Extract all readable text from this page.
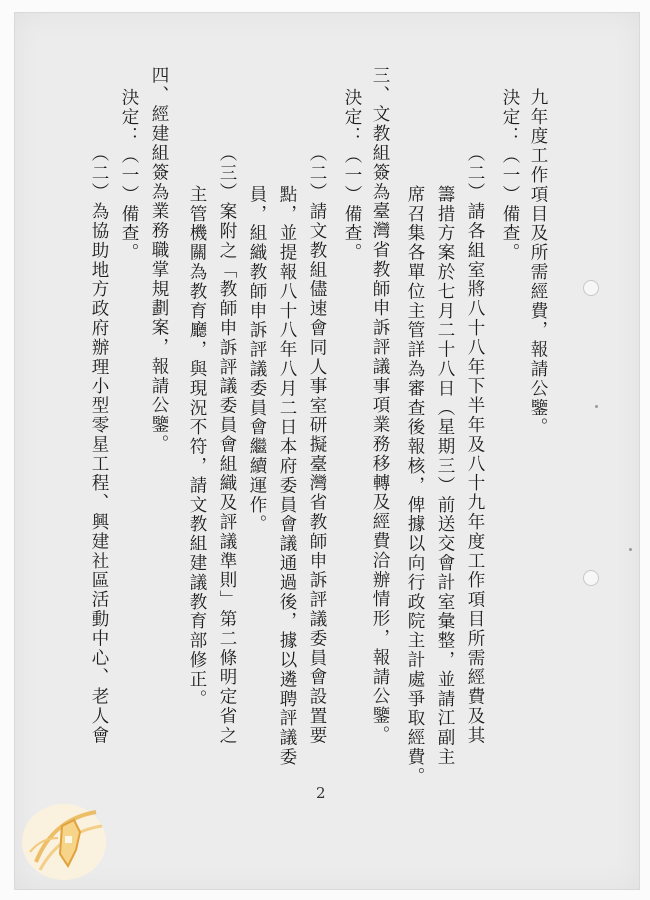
九年度工作項目及所需經費，報請公鑒。
決定：（一）備查。
（二）請各組室將八十八年下半年及八十九年度工作項目所需經費及其
籌措方案於七月二十八日（星期三）前送交會計室彙整，並請江副主
席召集各單位主管詳為審查後報核，俾據以向行政院主計處爭取經費。
三、文教組簽為臺灣省教師申訴評議事項業務移轉及經費洽辦情形，報請公鑒。
決定：（一）備查。
（二）請文教組儘速會同人事室研擬臺灣省教師申訴評議委員會設置要
點，並提報八十八年八月二日本府委員會議通過後，據以遴聘評議委
員，組織教師申訴評議委員會繼續運作。
（三）案附之「教師申訴評議委員會組織及評議準則」第二條明定省之
主管機關為教育廳，與現況不符，請文教組建議教育部修正。
四、經建組簽為業務職掌規劃案，報請公鑒。
決定：（一）備查。
（二）為協助地方政府辦理小型零星工程、興建社區活動中心、老人會
2
